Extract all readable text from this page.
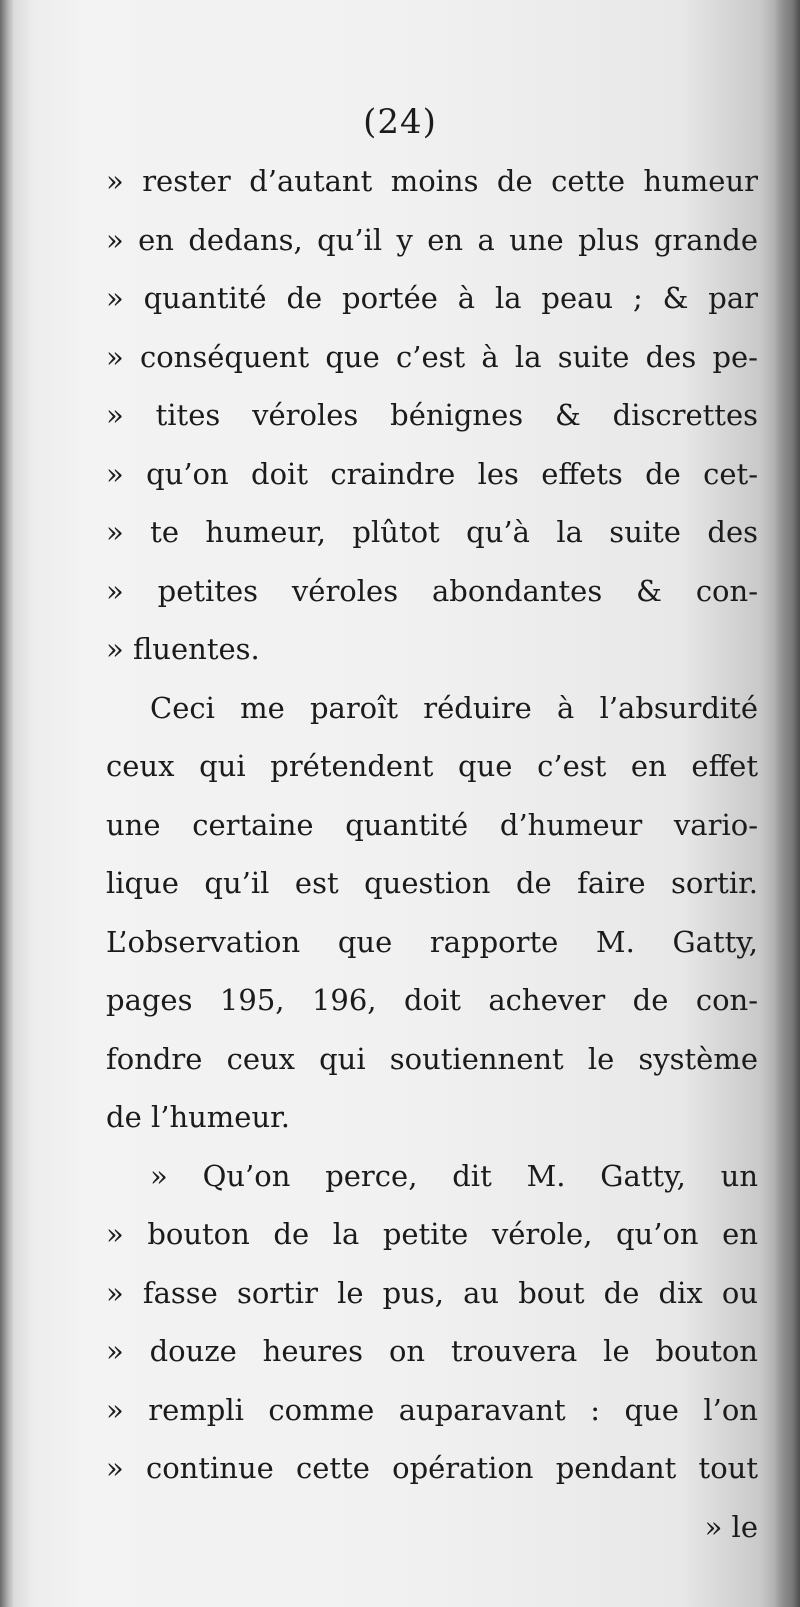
(24)

» rester d’autant moins de cette humeur
» en dedans, qu’il y en a une plus grande
» quantité de portée à la peau ; & par
» conséquent que c’est à la suite des pe-
» tites véroles bénignes & discrettes
» qu’on doit craindre les effets de cet-
» te humeur, plûtot qu’à la suite des
» petites véroles abondantes & con-
» fluentes.
Ceci me paroît réduire à l’absurdité
ceux qui prétendent que c’est en effet
une certaine quantité d’humeur vario-
lique qu’il est question de faire sortir.
L’observation que rapporte M. Gatty,
pages 195, 196, doit achever de con-
fondre ceux qui soutiennent le système
de l’humeur.
» Qu’on perce, dit M. Gatty, un
» bouton de la petite vérole, qu’on en
» fasse sortir le pus, au bout de dix ou
» douze heures on trouvera le bouton
» rempli comme auparavant : que l’on
» continue cette opération pendant tout
» le
